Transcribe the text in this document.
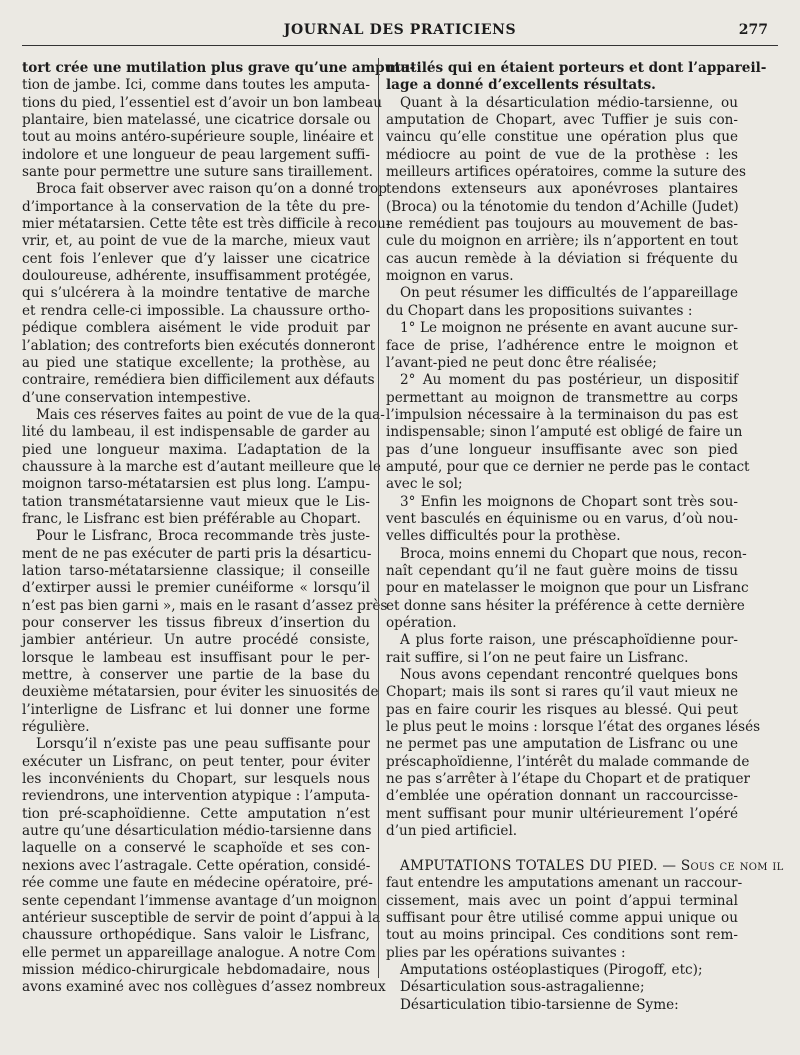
JOURNAL DES PRATICIENS	277
tort crée une mutilation plus grave qu’une amputa-
tion de jambe. Ici, comme dans toutes les amputa-
tions du pied, l’essentiel est d’avoir un bon lambeau
plantaire, bien matelassé, une cicatrice dorsale ou
tout au moins antéro-supérieure souple, linéaire et
indolore et une longueur de peau largement suffi-
sante pour permettre une suture sans tiraillement.
Broca fait observer avec raison qu’on a donné trop
d’importance à la conservation de la tête du pre-
mier métatarsien. Cette tête est très difficile à recou-
vrir, et, au point de vue de la marche, mieux vaut
cent fois l’enlever que d’y laisser une cicatrice
douloureuse, adhérente, insuffisamment protégée,
qui s’ulcérera à la moindre tentative de marche
et rendra celle-ci impossible. La chaussure ortho-
pédique comblera aisément le vide produit par
l’ablation; des contreforts bien exécutés donneront
au pied une statique excellente; la prothèse, au
contraire, remédiera bien difficilement aux défauts
d’une conservation intempestive.
Mais ces réserves faites au point de vue de la qua-
lité du lambeau, il est indispensable de garder au
pied une longueur maxima. L’adaptation de la
chaussure à la marche est d’autant meilleure que le
moignon tarso-métatarsien est plus long. L’ampu-
tation transmétatarsienne vaut mieux que le Lis-
franc, le Lisfranc est bien préférable au Chopart.
Pour le Lisfranc, Broca recommande très juste-
ment de ne pas exécuter de parti pris la désarticu-
lation tarso-métatarsienne classique; il conseille
d’extirper aussi le premier cunéiforme « lorsqu’il
n’est pas bien garni », mais en le rasant d’assez près
pour conserver les tissus fibreux d’insertion du
jambier antérieur. Un autre procédé consiste,
lorsque le lambeau est insuffisant pour le per-
mettre, à conserver une partie de la base du
deuxième métatarsien, pour éviter les sinuosités de
l’interligne de Lisfranc et lui donner une forme
régulière.
Lorsqu’il n’existe pas une peau suffisante pour
exécuter un Lisfranc, on peut tenter, pour éviter
les inconvénients du Chopart, sur lesquels nous
reviendrons, une intervention atypique : l’amputa-
tion pré-scaphoïdienne. Cette amputation n’est
autre qu’une désarticulation médio-tarsienne dans
laquelle on a conservé le scaphoïde et ses con-
nexions avec l’astragale. Cette opération, considé-
rée comme une faute en médecine opératoire, pré-
sente cependant l’immense avantage d’un moignon
antérieur susceptible de servir de point d’appui à la
chaussure orthopédique. Sans valoir le Lisfranc,
elle permet un appareillage analogue. A notre Com
mission médico-chirurgicale hebdomadaire, nous
avons examiné avec nos collègues d’assez nombreux
mutilés qui en étaient porteurs et dont l’appareil-
lage a donné d’excellents résultats.
Quant à la désarticulation médio-tarsienne, ou
amputation de Chopart, avec Tuffier je suis con-
vaincu qu’elle constitue une opération plus que
médiocre au point de vue de la prothèse : les
meilleurs artifices opératoires, comme la suture des
tendons extenseurs aux aponévroses plantaires
(Broca) ou la ténotomie du tendon d’Achille (Judet)
ne remédient pas toujours au mouvement de bas-
cule du moignon en arrière; ils n’apportent en tout
cas aucun remède à la déviation si fréquente du
moignon en varus.
On peut résumer les difficultés de l’appareillage
du Chopart dans les propositions suivantes :
1° Le moignon ne présente en avant aucune sur-
face de prise, l’adhérence entre le moignon et
l’avant-pied ne peut donc être réalisée;
2° Au moment du pas postérieur, un dispositif
permettant au moignon de transmettre au corps
l’impulsion nécessaire à la terminaison du pas est
indispensable; sinon l’amputé est obligé de faire un
pas d’une longueur insuffisante avec son pied
amputé, pour que ce dernier ne perde pas le contact
avec le sol;
3° Enfin les moignons de Chopart sont très sou-
vent basculés en équinisme ou en varus, d’où nou-
velles difficultés pour la prothèse.
Broca, moins ennemi du Chopart que nous, recon-
naît cependant qu’il ne faut guère moins de tissu
pour en matelasser le moignon que pour un Lisfranc
et donne sans hésiter la préférence à cette dernière
opération.
A plus forte raison, une préscaphoïdienne pour-
rait suffire, si l’on ne peut faire un Lisfranc.
Nous avons cependant rencontré quelques bons
Chopart; mais ils sont si rares qu’il vaut mieux ne
pas en faire courir les risques au blessé. Qui peut
le plus peut le moins : lorsque l’état des organes lésés
ne permet pas une amputation de Lisfranc ou une
préscaphoïdienne, l’intérêt du malade commande de
ne pas s’arrêter à l’étape du Chopart et de pratiquer
d’emblée une opération donnant un raccourcisse-
ment suffisant pour munir ultérieurement l’opéré
d’un pied artificiel.

AMPUTATIONS TOTALES DU PIED. — Sous ce nom il
faut entendre les amputations amenant un raccour-
cissement, mais avec un point d’appui terminal
suffisant pour être utilisé comme appui unique ou
tout au moins principal. Ces conditions sont rem-
plies par les opérations suivantes :
Amputations ostéoplastiques (Pirogoff, etc);
Désarticulation sous-astragalienne;
Désarticulation tibio-tarsienne de Syme:
